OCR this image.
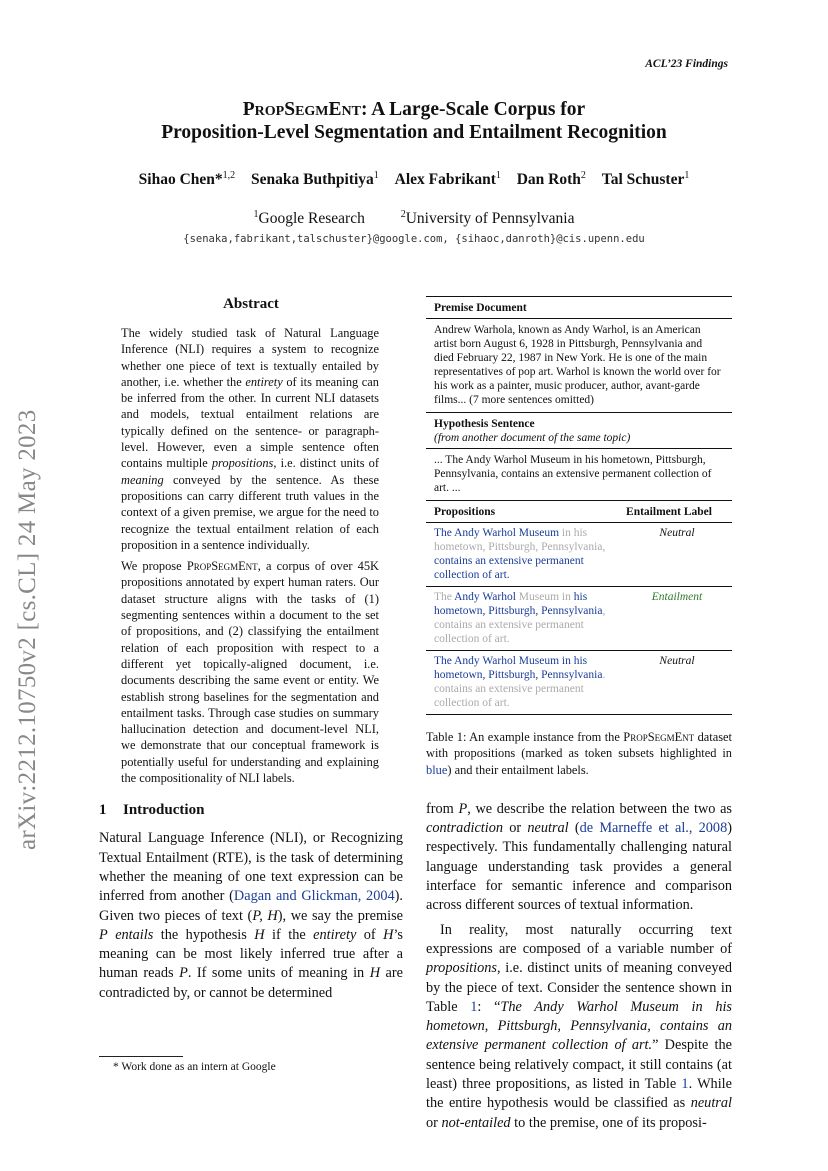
ACL’23 Findings
PropSegmEnt: A Large-Scale Corpus for
Proposition-Level Segmentation and Entailment Recognition
Sihao Chen*$^{1,2}$ Senaka Buthpitiya$^1$ Alex Fabrikant$^1$ Dan Roth$^2$ Tal Schuster$^1$
$^1$Google Research	$^2$University of Pennsylvania
{senaka,fabrikant,talschuster}@google.com, {sihaoc,danroth}@cis.upenn.edu
arXiv:2212.10750v2 [cs.CL] 24 May 2023
Abstract

The widely studied task of Natural Language Inference (NLI) requires a system to recognize whether one piece of text is textually entailed by another, i.e. whether the entirety of its meaning can be inferred from the other. In current NLI datasets and models, textual entailment relations are typically defined on the sentence- or paragraph-level. However, even a simple sentence often contains multiple propositions, i.e. distinct units of meaning conveyed by the sentence. As these propositions can carry different truth values in the context of a given premise, we argue for the need to recognize the textual entailment relation of each proposition in a sentence individually.

We propose PropSegmEnt, a corpus of over 45K propositions annotated by expert human raters. Our dataset structure aligns with the tasks of (1) segmenting sentences within a document to the set of propositions, and (2) classifying the entailment relation of each proposition with respect to a different yet topically-aligned document, i.e. documents describing the same event or entity. We establish strong baselines for the segmentation and entailment tasks. Through case studies on summary hallucination detection and document-level NLI, we demonstrate that our conceptual framework is potentially useful for understanding and explaining the compositionality of NLI labels.

1 Introduction

Natural Language Inference (NLI), or Recognizing Textual Entailment (RTE), is the task of determining whether the meaning of one text expression can be inferred from another (Dagan and Glickman, 2004). Given two pieces of text (P, H), we say the premise P entails the hypothesis H if the entirety of H’s meaning can be most likely inferred true after a human reads P. If some units of meaning in H are contradicted by, or cannot be determined

* Work done as an intern at Google
Premise Document
Andrew Warhola, known as Andy Warhol, is an American artist born August 6, 1928 in Pittsburgh, Pennsylvania and died February 22, 1987 in New York. He is one of the main representatives of pop art. Warhol is known the world over for his work as a painter, music producer, author, avant-garde films... (7 more sentences omitted)
Hypothesis Sentence
(from another document of the same topic)
... The Andy Warhol Museum in his hometown, Pittsburgh, Pennsylvania, contains an extensive permanent collection of art. ...
Propositions	Entailment Label
The Andy Warhol Museum in his hometown, Pittsburgh, Pennsylvania, contains an extensive permanent collection of art.
Neutral
The Andy Warhol Museum in his hometown, Pittsburgh, Pennsylvania, contains an extensive permanent collection of art.
Entailment
The Andy Warhol Museum in his hometown, Pittsburgh, Pennsylvania. contains an extensive permanent collection of art.
Neutral
Table 1: An example instance from the PropSegmEnt dataset with propositions (marked as token subsets highlighted in blue) and their entailment labels.

from P, we describe the relation between the two as contradiction or neutral (de Marneffe et al., 2008) respectively. This fundamentally challenging natural language understanding task provides a general interface for semantic inference and comparison across different sources of textual information.

In reality, most naturally occurring text expressions are composed of a variable number of propositions, i.e. distinct units of meaning conveyed by the piece of text. Consider the sentence shown in Table 1: “The Andy Warhol Museum in his hometown, Pittsburgh, Pennsylvania, contains an extensive permanent collection of art.” Despite the sentence being relatively compact, it still contains (at least) three propositions, as listed in Table 1. While the entire hypothesis would be classified as neutral or not-entailed to the premise, one of its proposi-
